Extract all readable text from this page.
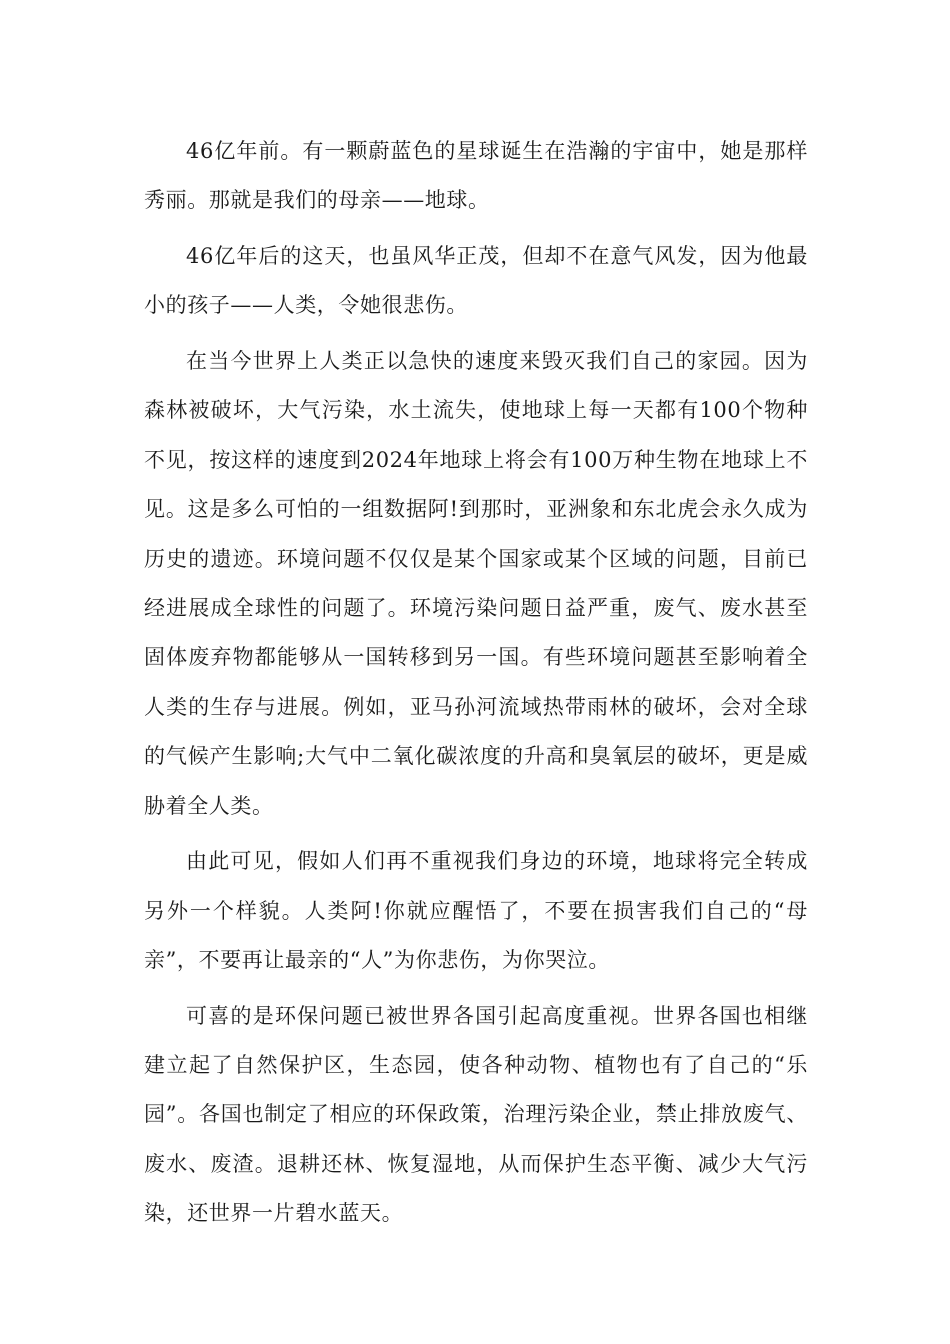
46亿年前。有一颗蔚蓝色的星球诞生在浩瀚的宇宙中，她是那样秀丽。那就是我们的母亲——地球。

46亿年后的这天，也虽风华正茂，但却不在意气风发，因为他最小的孩子——人类，令她很悲伤。

在当今世界上人类正以急快的速度来毁灭我们自己的家园。因为森林被破坏，大气污染，水土流失，使地球上每一天都有100个物种不见，按这样的速度到2024年地球上将会有100万种生物在地球上不见。这是多么可怕的一组数据阿!到那时，亚洲象和东北虎会永久成为历史的遗迹。环境问题不仅仅是某个国家或某个区域的问题，目前已经进展成全球性的问题了。环境污染问题日益严重，废气、废水甚至固体废弃物都能够从一国转移到另一国。有些环境问题甚至影响着全人类的生存与进展。例如，亚马孙河流域热带雨林的破坏，会对全球的气候产生影响;大气中二氧化碳浓度的升高和臭氧层的破坏，更是威胁着全人类。

由此可见，假如人们再不重视我们身边的环境，地球将完全转成另外一个样貌。人类阿!你就应醒悟了，不要在损害我们自己的“母亲”，不要再让最亲的“人”为你悲伤，为你哭泣。

可喜的是环保问题已被世界各国引起高度重视。世界各国也相继建立起了自然保护区，生态园，使各种动物、植物也有了自己的“乐园”。各国也制定了相应的环保政策，治理污染企业，禁止排放废气、废水、废渣。退耕还林、恢复湿地，从而保护生态平衡、减少大气污染，还世界一片碧水蓝天。
